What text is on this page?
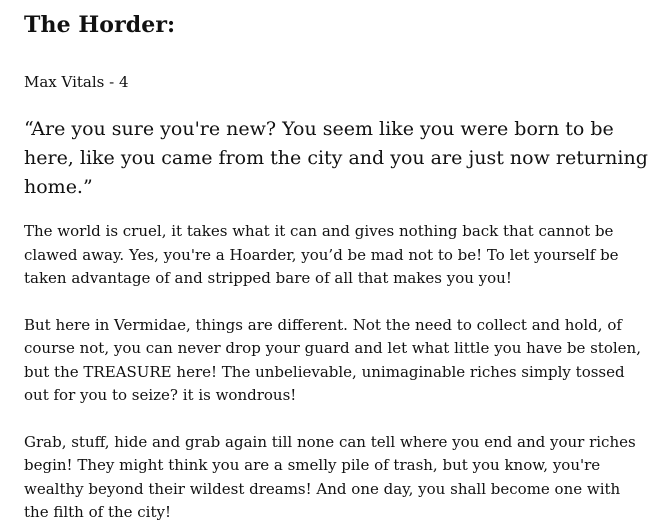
The Horder:
Max Vitals - 4

“Are you sure you're new? You seem like you were born to be here, like you came from the city and you are just now returning home.”

The world is cruel, it takes what it can and gives nothing back that cannot be clawed away. Yes, you're a Hoarder, you’d be mad not to be! To let yourself be taken advantage of and stripped bare of all that makes you you!

But here in Vermidae, things are different. Not the need to collect and hold, of course not, you can never drop your guard and let what little you have be stolen, but the TREASURE here! The unbelievable, unimaginable riches simply tossed out for you to seize? it is wondrous!

Grab, stuff, hide and grab again till none can tell where you end and your riches begin! They might think you are a smelly pile of trash, but you know, you're wealthy beyond their wildest dreams! And one day, you shall become one with the filth of the city!
